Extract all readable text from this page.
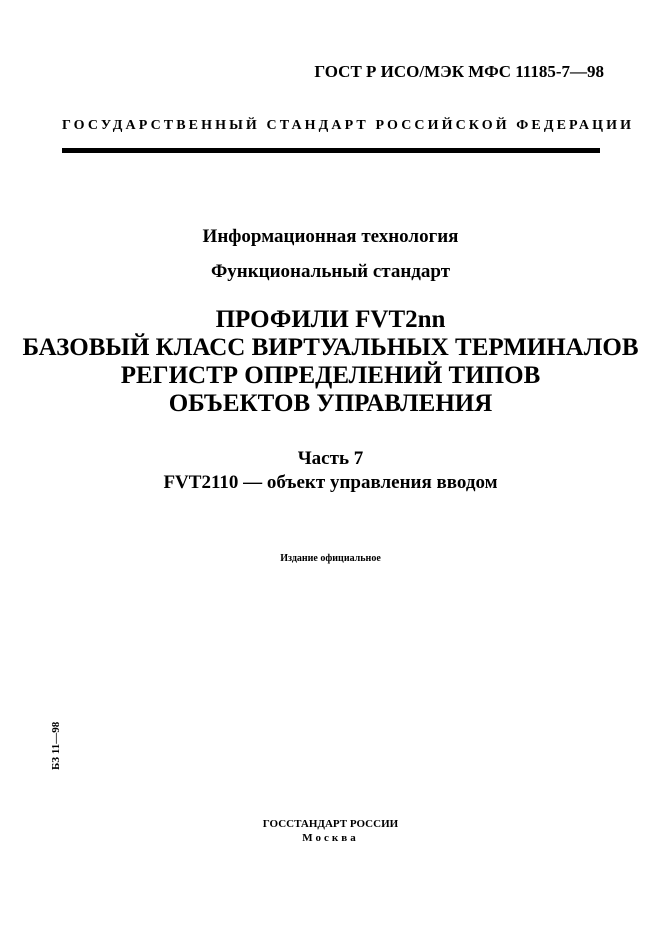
ГОСТ Р ИСО/МЭК МФС 11185-7—98
ГОСУДАРСТВЕННЫЙ СТАНДАРТ РОССИЙСКОЙ ФЕДЕРАЦИИ
Информационная технология
Функциональный стандарт
ПРОФИЛИ FVT2nn
БАЗОВЫЙ КЛАСС ВИРТУАЛЬНЫХ ТЕРМИНАЛОВ
РЕГИСТР ОПРЕДЕЛЕНИЙ ТИПОВ
ОБЪЕКТОВ УПРАВЛЕНИЯ
Часть 7
FVT2110 — объект управления вводом
Издание официальное
БЗ 11—98
ГОССТАНДАРТ РОССИИ
Москва
